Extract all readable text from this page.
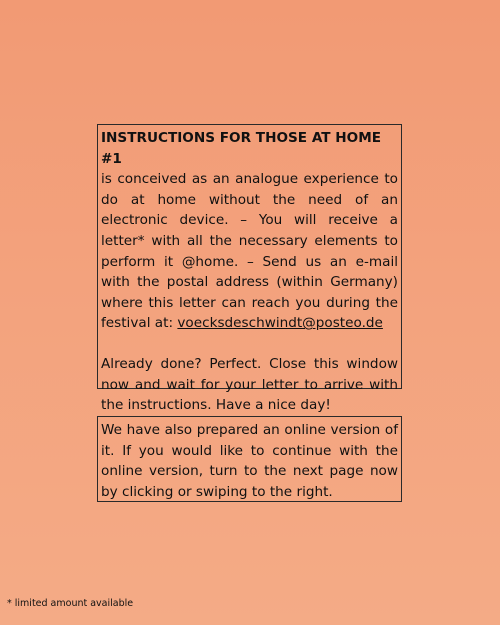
INSTRUCTIONS FOR THOSE AT HOME #1
is conceived as an analogue experience to do at home without the need of an electronic device. – You will receive a letter* with all the necessary elements to perform it @home. – Send us an e-mail with the postal address (within Germany) where this letter can reach you during the festival at: voecksdeschwindt@posteo.de
Already done? Perfect. Close this window now and wait for your letter to arrive with the instructions. Have a nice day!
We have also prepared an online version of it. If you would like to continue with the online version, turn to the next page now by clicking or swiping to the right.
* limited amount available
